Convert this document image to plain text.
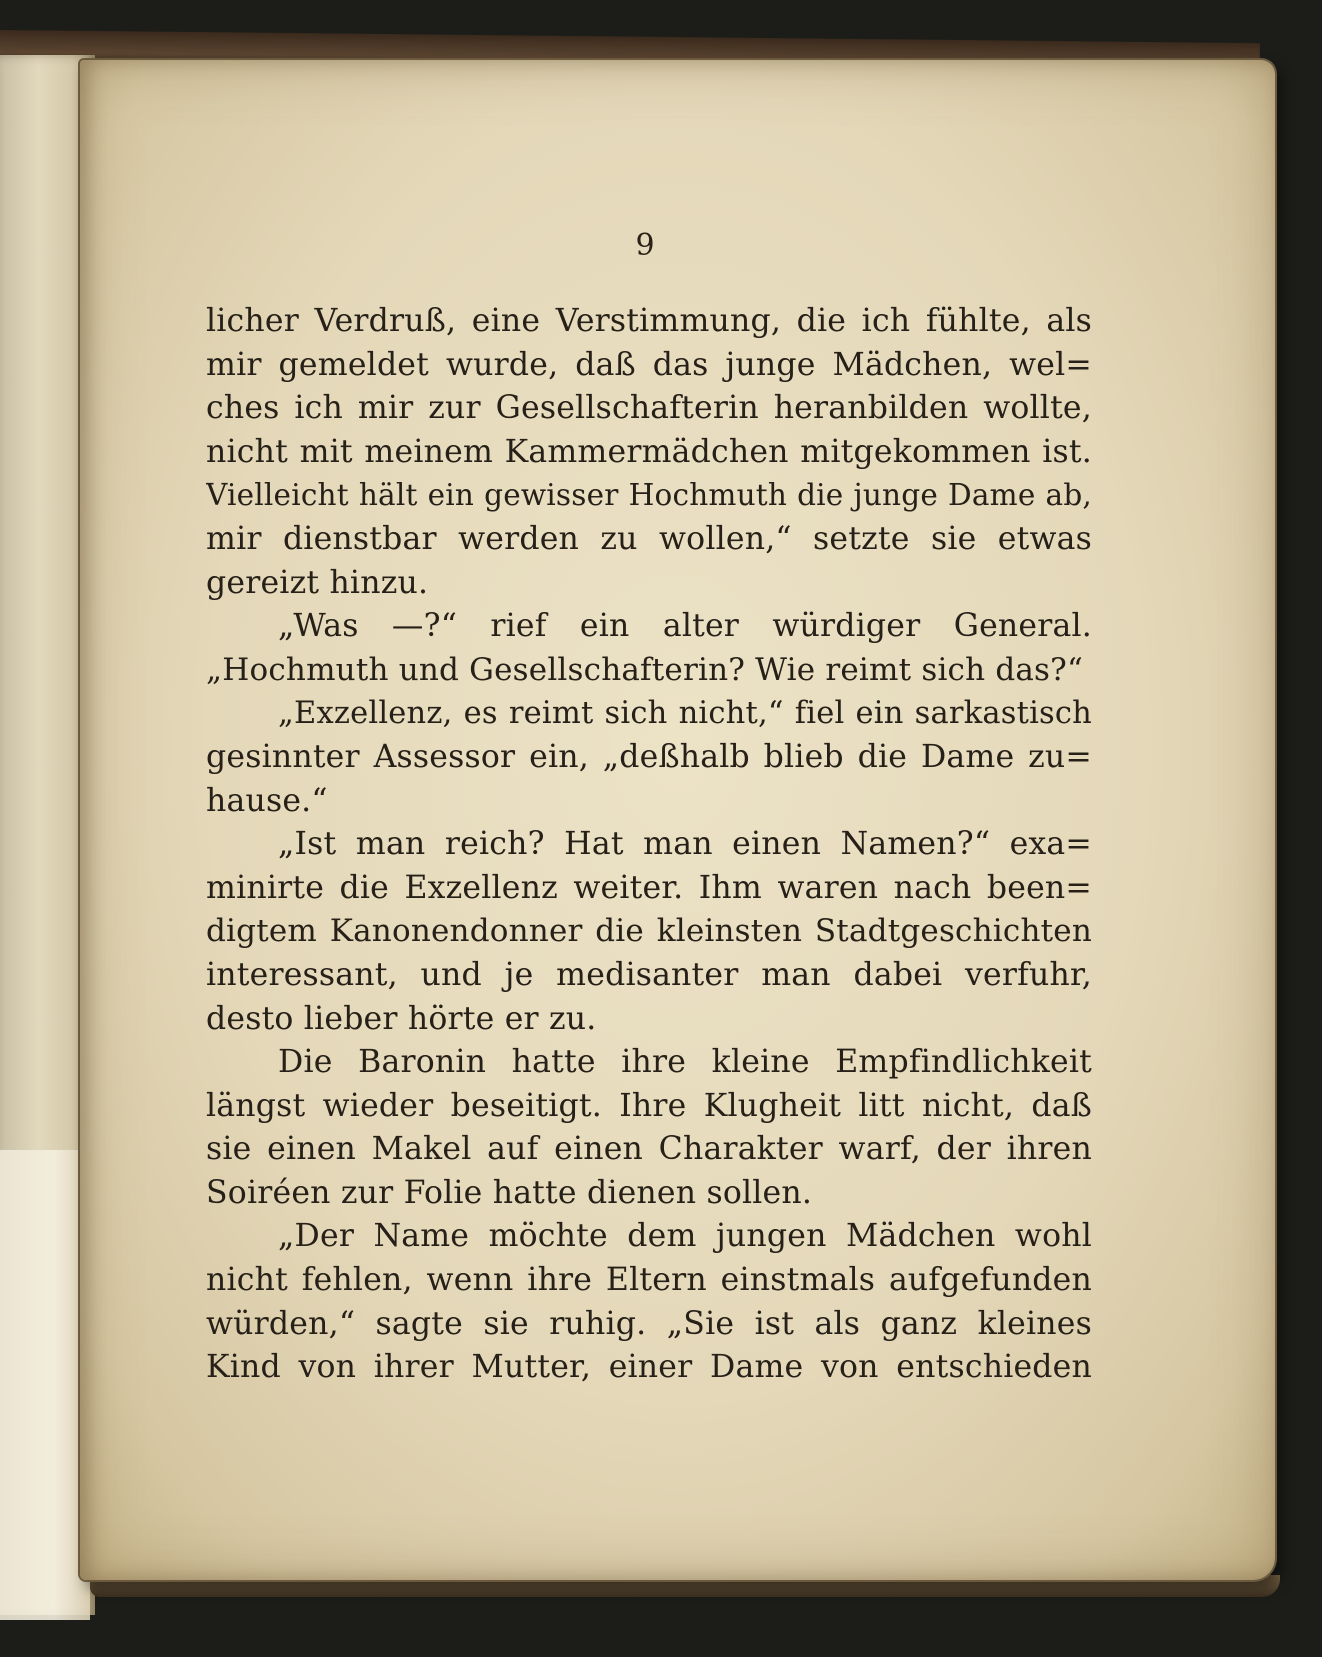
9
licher Verdruß, eine Verstimmung, die ich fühlte, als
mir gemeldet wurde, daß das junge Mädchen, wel=
ches ich mir zur Gesellschafterin heranbilden wollte,
nicht mit meinem Kammermädchen mitgekommen ist.
Vielleicht hält ein gewisser Hochmuth die junge Dame ab,
mir dienstbar werden zu wollen,“ setzte sie etwas
gereizt hinzu.
„Was —?“ rief ein alter würdiger General.
„Hochmuth und Gesellschafterin? Wie reimt sich das?“
„Exzellenz, es reimt sich nicht,“ fiel ein sarkastisch
gesinnter Assessor ein, „deßhalb blieb die Dame zu=
hause.“
„Ist man reich? Hat man einen Namen?“ exa=
minirte die Exzellenz weiter. Ihm waren nach been=
digtem Kanonendonner die kleinsten Stadtgeschichten
interessant, und je medisanter man dabei verfuhr,
desto lieber hörte er zu.
Die Baronin hatte ihre kleine Empfindlichkeit
längst wieder beseitigt. Ihre Klugheit litt nicht, daß
sie einen Makel auf einen Charakter warf, der ihren
Soiréen zur Folie hatte dienen sollen.
„Der Name möchte dem jungen Mädchen wohl
nicht fehlen, wenn ihre Eltern einstmals aufgefunden
würden,“ sagte sie ruhig. „Sie ist als ganz kleines
Kind von ihrer Mutter, einer Dame von entschieden
